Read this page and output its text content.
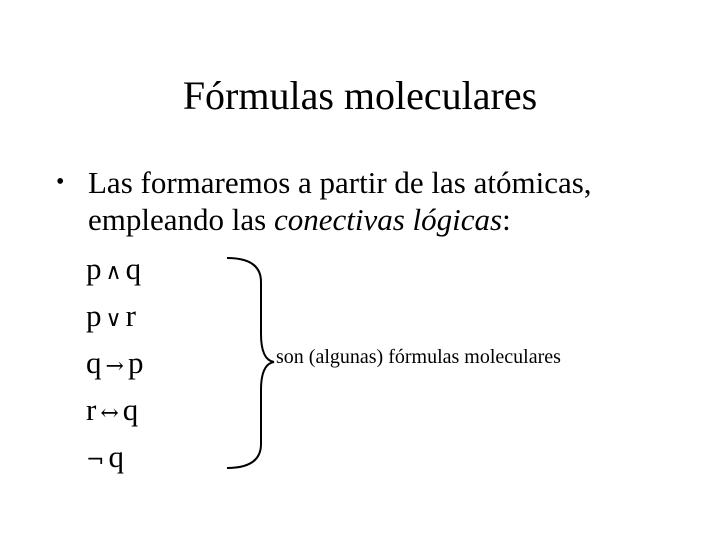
Fórmulas moleculares
• Las formaremos a partir de las atómicas, empleando las conectivas lógicas:
p ∧ q
p ∨ r
q → p
r ↔ q
¬ q
son (algunas) fórmulas moleculares
